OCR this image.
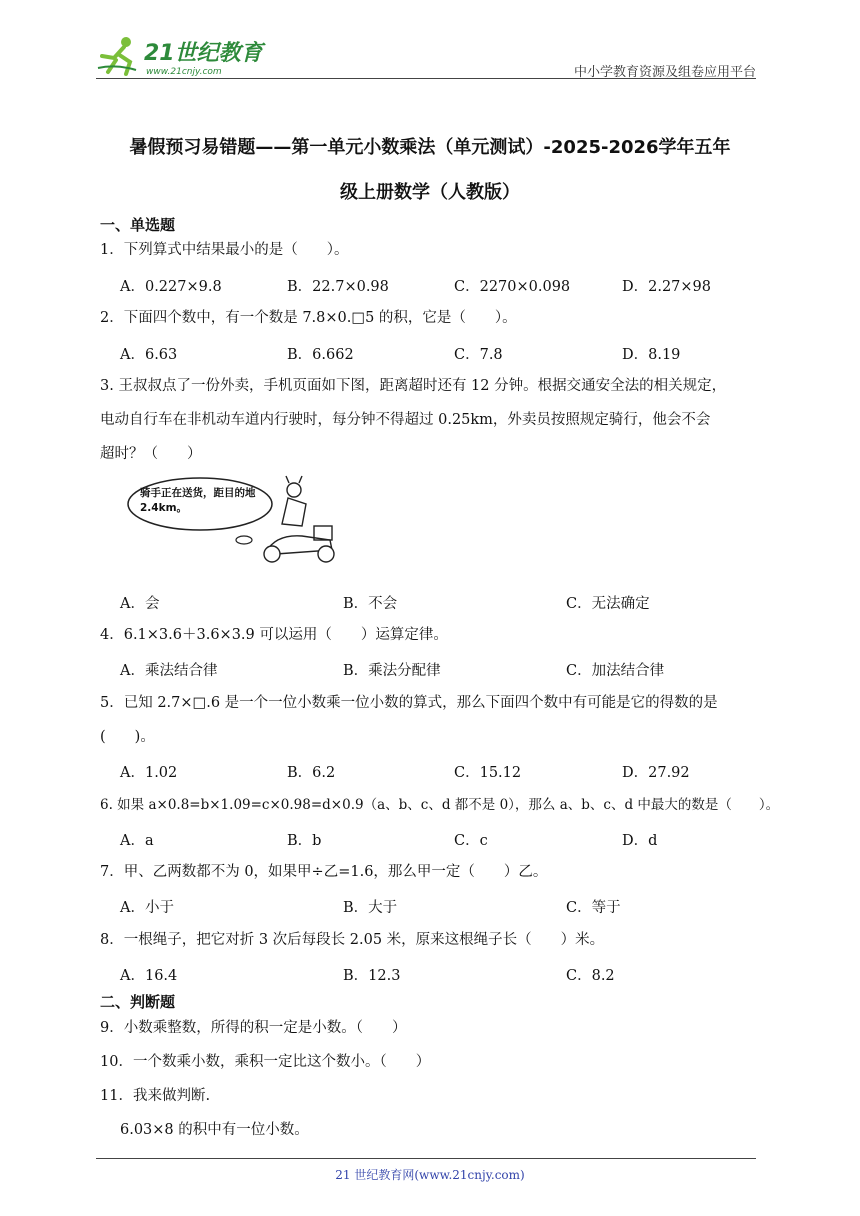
21世纪教育
www.21cnjy.com	中小学教育资源及组卷应用平台
暑假预习易错题——第一单元小数乘法（单元测试）-2025-2026学年五年
级上册数学（人教版）
一、单选题
1．下列算式中结果最小的是（　　）。
A．0.227×9.8	B．22.7×0.98	C．2270×0.098	D．2.27×98
2．下面四个数中，有一个数是 7.8×0.□5 的积，它是（　　）。
A．6.63	B．6.662	C．7.8	D．8.19
3. 王叔叔点了一份外卖，手机页面如下图，距离超时还有 12 分钟。根据交通安全法的相关规定，
电动自行车在非机动车道内行驶时，每分钟不得超过 0.25km，外卖员按照规定骑行，他会不会
超时？（　　）
骑手正在送货，距目的地 2.4km。
A．会	B．不会	C．无法确定
4．6.1×3.6＋3.6×3.9 可以运用（　　）运算定律。
A．乘法结合律	B．乘法分配律	C．加法结合律
5．已知 2.7×□.6 是一个一位小数乘一位小数的算式，那么下面四个数中有可能是它的得数的是
(　　)。
A．1.02	B．6.2	C．15.12	D．27.92
6. 如果 a×0.8=b×1.09=c×0.98=d×0.9（a、b、c、d 都不是 0），那么 a、b、c、d 中最大的数是（　　）。
A．a	B．b	C．c	D．d
7．甲、乙两数都不为 0，如果甲÷乙=1.6，那么甲一定（　　）乙。
A．小于	B．大于	C．等于
8．一根绳子，把它对折 3 次后每段长 2.05 米，原来这根绳子长（　　）米。
A．16.4	B．12.3	C．8.2
二、判断题
9．小数乘整数，所得的积一定是小数。（　　）
10．一个数乘小数，乘积一定比这个数小。（　　）
11．我来做判断.
6.03×8 的积中有一位小数。
21 世纪教育网(www.21cnjy.com)
